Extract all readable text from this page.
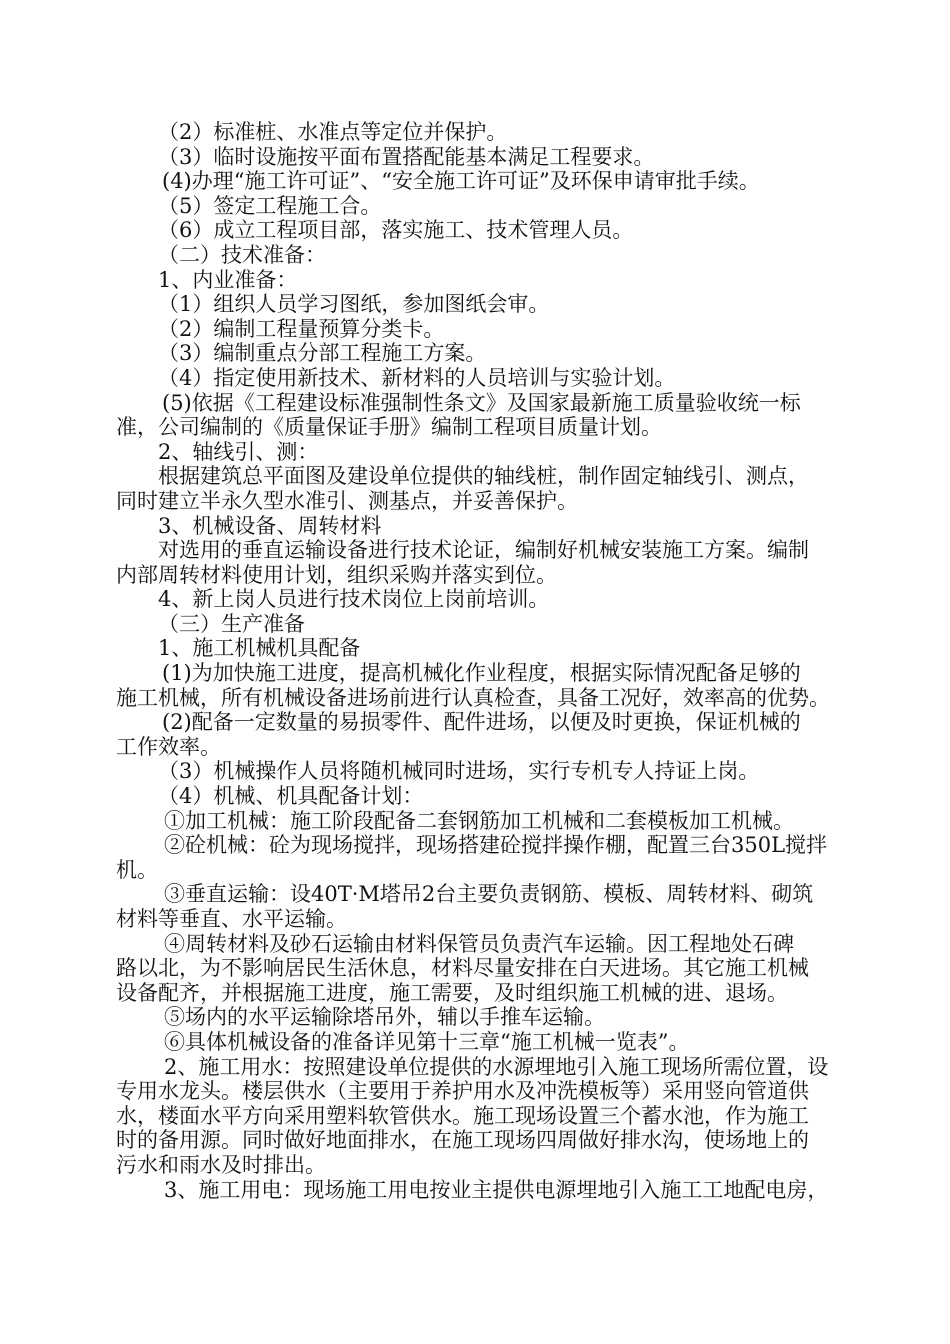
（2）标准桩、水准点等定位并保护。
（3）临时设施按平面布置搭配能基本满足工程要求。
(4)办理“施工许可证”、“安全施工许可证”及环保申请审批手续。
（5）签定工程施工合。
（6）成立工程项目部，落实施工、技术管理人员。
（二）技术准备：
1、内业准备：
（1）组织人员学习图纸，参加图纸会审。
（2）编制工程量预算分类卡。
（3）编制重点分部工程施工方案。
（4）指定使用新技术、新材料的人员培训与实验计划。
(5)依据《工程建设标准强制性条文》及国家最新施工质量验收统一标
准，公司编制的《质量保证手册》编制工程项目质量计划。
2、轴线引、测：
根据建筑总平面图及建设单位提供的轴线桩，制作固定轴线引、测点，
同时建立半永久型水准引、测基点，并妥善保护。
3、机械设备、周转材料
对选用的垂直运输设备进行技术论证，编制好机械安装施工方案。编制
内部周转材料使用计划，组织采购并落实到位。
4、新上岗人员进行技术岗位上岗前培训。
（三）生产准备
1、施工机械机具配备
(1)为加快施工进度，提高机械化作业程度，根据实际情况配备足够的
施工机械，所有机械设备进场前进行认真检查，具备工况好，效率高的优势。
(2)配备一定数量的易损零件、配件进场，以便及时更换，保证机械的
工作效率。
（3）机械操作人员将随机械同时进场，实行专机专人持证上岗。
（4）机械、机具配备计划：
①加工机械：施工阶段配备二套钢筋加工机械和二套模板加工机械。
②砼机械：砼为现场搅拌，现场搭建砼搅拌操作棚，配置三台350L搅拌
机。
③垂直运输：设40T·M塔吊2台主要负责钢筋、模板、周转材料、砌筑
材料等垂直、水平运输。
④周转材料及砂石运输由材料保管员负责汽车运输。因工程地处石碑
路以北，为不影响居民生活休息，材料尽量安排在白天进场。其它施工机械
设备配齐，并根据施工进度，施工需要，及时组织施工机械的进、退场。
⑤场内的水平运输除塔吊外，辅以手推车运输。
⑥具体机械设备的准备详见第十三章“施工机械一览表”。
2、施工用水：按照建设单位提供的水源埋地引入施工现场所需位置，设
专用水龙头。楼层供水（主要用于养护用水及冲洗模板等）采用竖向管道供
水，楼面水平方向采用塑料软管供水。施工现场设置三个蓄水池，作为施工
时的备用源。同时做好地面排水，在施工现场四周做好排水沟，使场地上的
污水和雨水及时排出。
3、施工用电：现场施工用电按业主提供电源埋地引入施工工地配电房，
